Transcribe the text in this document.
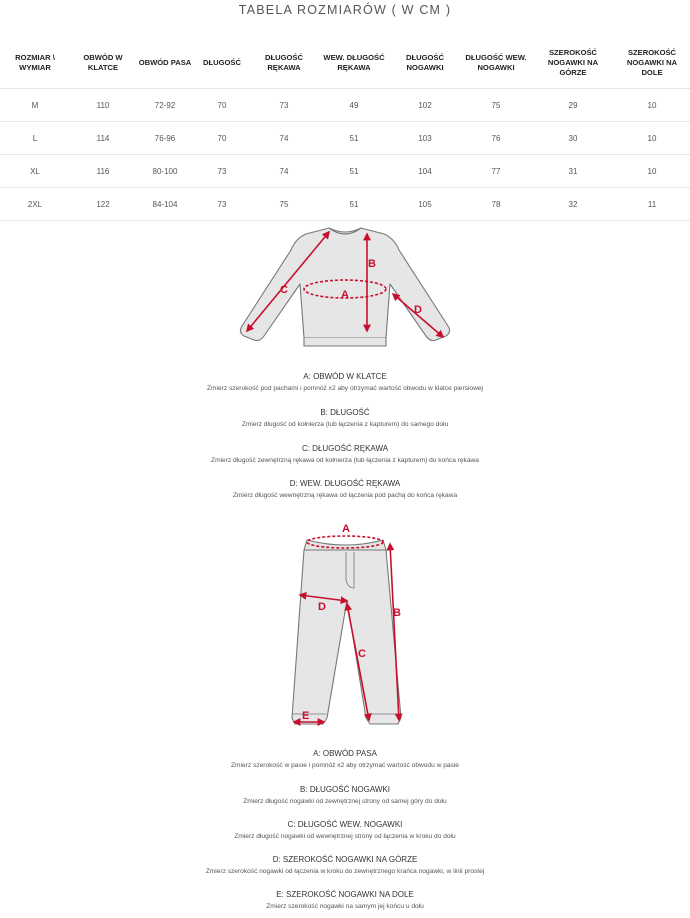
TABELA ROZMIARÓW ( W CM )
ROZMIAR \ WYMIAR	OBWÓD W KLATCE	OBWÓD PASA	DŁUGOŚĆ	DŁUGOŚĆ RĘKAWA	WEW. DŁUGOŚĆ RĘKAWA	DŁUGOŚĆ NOGAWKI	DŁUGOŚĆ WEW. NOGAWKI	SZEROKOŚĆ NOGAWKI NA GÓRZE	SZEROKOŚĆ NOGAWKI NA DOLE
M	110	72-92	70	73	49	102	75	29	10
L	114	76-96	70	74	51	103	76	30	10
XL	116	80-100	73	74	51	104	77	31	10
2XL	122	84-104	73	75	51	105	78	32	11
A
B
C
D
A: OBWÓD W KLATCE
Zmierz szerokość pod pachami i pomnóż x2 aby otrzymać wartość obwodu w klatce piersiowej
B: DŁUGOŚĆ
Zmierz długość od kołnierza (lub łączenia z kapturem) do samego dołu
C: DŁUGOŚĆ RĘKAWA
Zmierz długość zewnętrzną rękawa od kołnierza (lub łączenia z kapturem) do końca rękawa
D: WEW. DŁUGOŚĆ RĘKAWA
Zmierz długość wewnętrzną rękawa od łączenia pod pachą do końca rękawa
A
B
C
D
E
A: OBWÓD PASA
Zmierz szerokość w pasie i pomnóż x2 aby otrzymać wartość obwodu w pasie
B: DŁUGOŚĆ NOGAWKI
Zmierz długość nogawki od zewnętrznej strony od samej góry do dołu
C: DŁUGOŚĆ WEW. NOGAWKI
Zmierz długość nogawki od wewnętrznej strony od łączenia w kroku do dołu
D: SZEROKOŚĆ NOGAWKI NA GÓRZE
Zmierz szerokość nogawki od łączenia w kroku do zewnętrznego krańca nogawki, w linii prostej
E: SZEROKOŚĆ NOGAWKI NA DOLE
Zmierz szerokość nogawki na samym jej końcu u dołu
